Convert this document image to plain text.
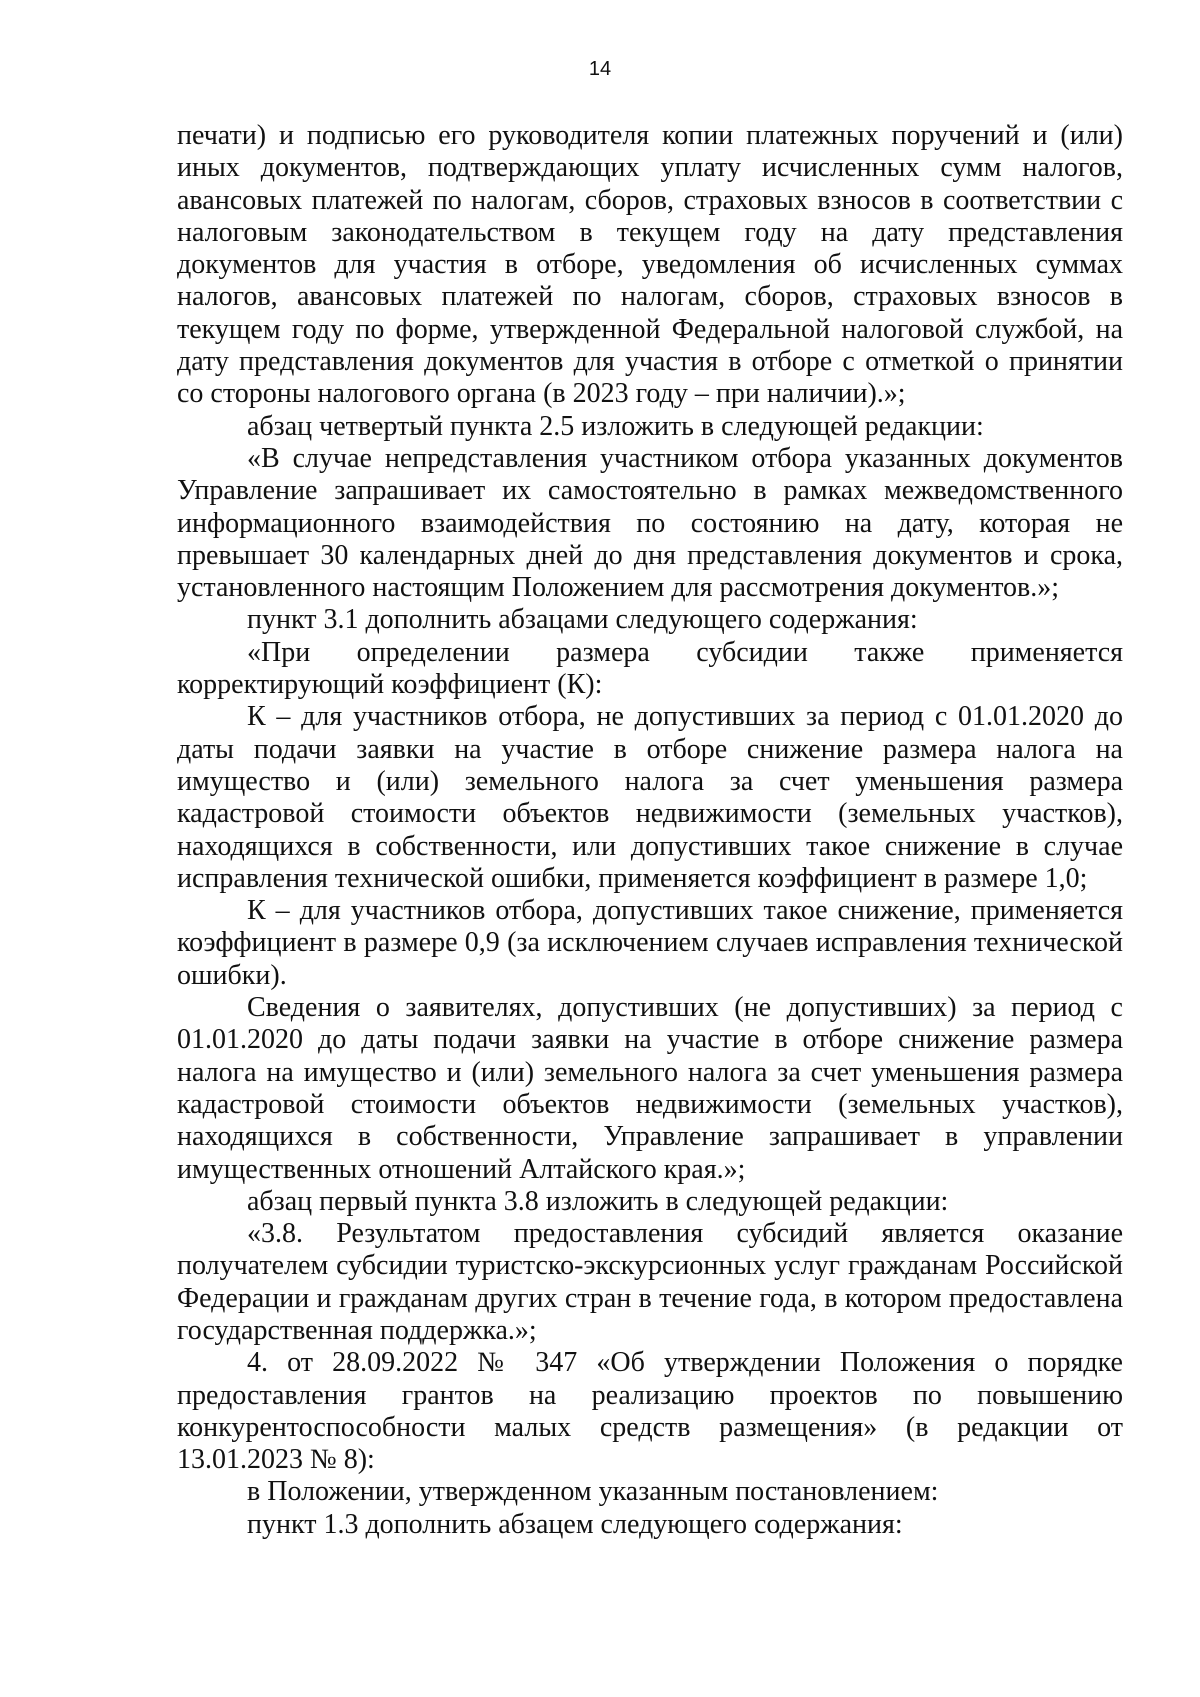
14

печати) и подписью его руководителя копии платежных поручений и (или) иных документов, подтверждающих уплату исчисленных сумм налогов, авансовых платежей по налогам, сборов, страховых взносов в соответствии с налоговым законодательством в текущем году на дату представления документов для участия в отборе, уведомления об исчисленных суммах налогов, авансовых платежей по налогам, сборов, страховых взносов в текущем году по форме, утвержденной Федеральной налоговой службой, на дату представления документов для участия в отборе с отметкой о принятии со стороны налогового органа (в 2023 году – при наличии).»;

абзац четвертый пункта 2.5 изложить в следующей редакции:

«В случае непредставления участником отбора указанных документов Управление запрашивает их самостоятельно в рамках межведомственного информационного взаимодействия по состоянию на дату, которая не превышает 30 календарных дней до дня представления документов и срока, установленного настоящим Положением для рассмотрения документов.»;

пункт 3.1 дополнить абзацами следующего содержания:

«При определении размера субсидии также применяется корректирующий коэффициент (К):

К – для участников отбора, не допустивших за период с 01.01.2020 до даты подачи заявки на участие в отборе снижение размера налога на имущество и (или) земельного налога за счет уменьшения размера кадастровой стоимости объектов недвижимости (земельных участков), находящихся в собственности, или допустивших такое снижение в случае исправления технической ошибки, применяется коэффициент в размере 1,0;

К – для участников отбора, допустивших такое снижение, применяется коэффициент в размере 0,9 (за исключением случаев исправления технической ошибки).

Сведения о заявителях, допустивших (не допустивших) за период с 01.01.2020 до даты подачи заявки на участие в отборе снижение размера налога на имущество и (или) земельного налога за счет уменьшения размера кадастровой стоимости объектов недвижимости (земельных участков), находящихся в собственности, Управление запрашивает в управлении имущественных отношений Алтайского края.»;

абзац первый пункта 3.8 изложить в следующей редакции:

«3.8. Результатом предоставления субсидий является оказание получателем субсидии туристско-экскурсионных услуг гражданам Российской Федерации и гражданам других стран в течение года, в котором предоставлена государственная поддержка.»;

4. от 28.09.2022 № 347 «Об утверждении Положения о порядке предоставления грантов на реализацию проектов по повышению конкурентоспособности малых средств размещения» (в редакции от 13.01.2023 № 8):

в Положении, утвержденном указанным постановлением:

пункт 1.3 дополнить абзацем следующего содержания:
